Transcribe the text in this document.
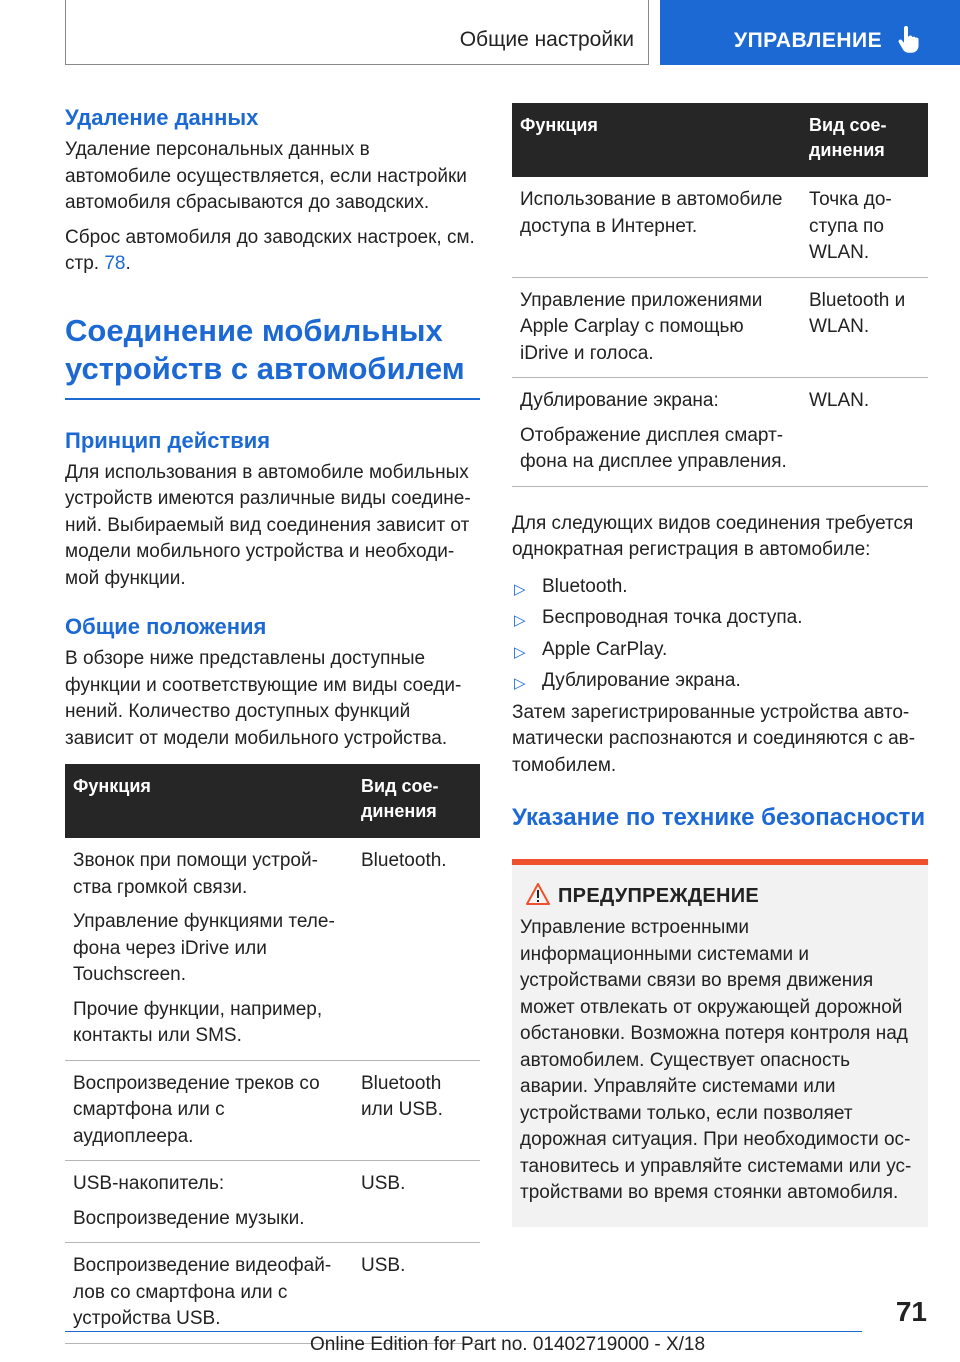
Общие настройки	УПРАВЛЕНИЕ
Удаление данных

Удаление персональных данных в автомобиле осуществляется, если настройки автомобиля сбрасываются до заводских.

Сброс автомобиля до заводских настроек, см. стр. 78.

Соединение мобильных устройств с автомобилем
Принцип действия

Для использования в автомобиле мобильных устройств имеются различные виды соединений. Выбираемый вид соединения зависит от модели мобильного устройства и необходимой функции.

Общие положения

В обзоре ниже представлены доступные функции и соответствующие им виды соединений. Количество доступных функций зависит от модели мобильного устройства.

Функция	Вид соединения

Звонок при помощи устройства громкой связи.
Управление функциями телефона через iDrive или Touchscreen.
Прочие функции, например, контакты или SMS.	Bluetooth.

Воспроизведение треков со смартфона или с аудиоплеера.	Bluetooth или USB.

USB-накопитель:
Воспроизведение музыки.	USB.

Воспроизведение видеофайлов со смартфона или с устройства USB.	USB.
Функция	Вид соединения

Использование в автомобиле доступа в Интернет.	Точка доступа по WLAN.

Управление приложениями Apple Carplay с помощью iDrive и голоса.	Bluetooth и WLAN.

Дублирование экрана:
Отображение дисплея смартфона на дисплее управления.	WLAN.

Для следующих видов соединения требуется однократная регистрация в автомобиле:

▷ Bluetooth.
▷ Беспроводная точка доступа.
▷ Apple CarPlay.
▷ Дублирование экрана.

Затем зарегистрированные устройства автоматически распознаются и соединяются с автомобилем.

Указание по технике безопасности
ПРЕДУПРЕЖДЕНИЕ

Управление встроенными информационными системами и устройствами связи во время движения может отвлекать от окружающей дорожной обстановки. Возможна потеря контроля над автомобилем. Существует опасность аварии. Управляйте системами или устройствами только, если позволяет дорожная ситуация. При необходимости остановитесь и управляйте системами или устройствами во время стоянки автомобиля.

71
Online Edition for Part no. 01402719000 - X/18
